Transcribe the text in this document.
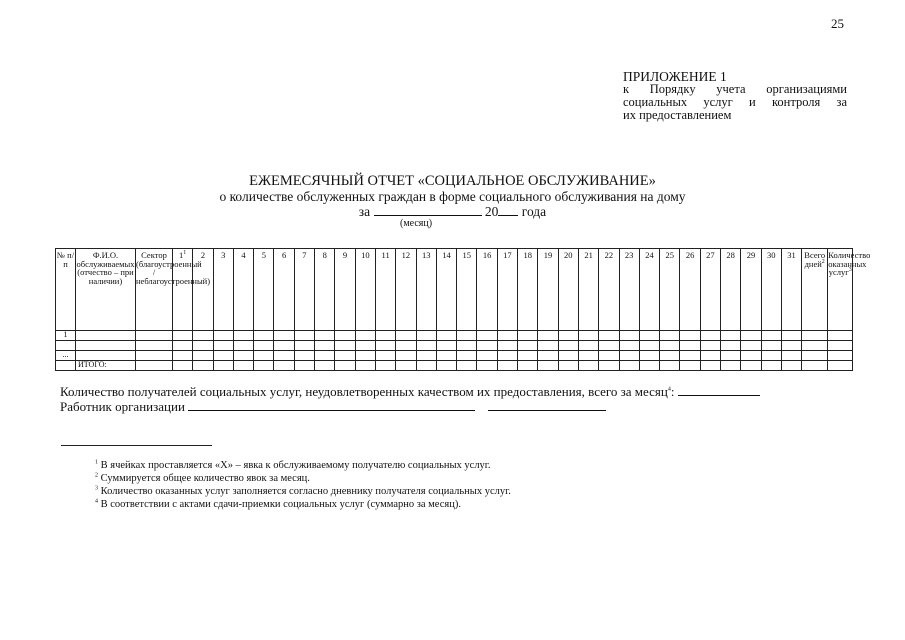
25
ПРИЛОЖЕНИЕ 1
к Порядку учета организациями
социальных услуг и контроля за
их предоставлением
ЕЖЕМЕСЯЧНЫЙ ОТЧЕТ «СОЦИАЛЬНОЕ ОБСЛУЖИВАНИЕ»
о количестве обслуженных граждан в форме социального обслуживания на дому
за	20 года
(месяц)
№ п/п	Ф.И.О. обслуживаемых (отчество – при наличии)	Сектор (благоустроенный / неблагоустроенный)	$1^1$	2	3	4	5	6	7	8	9	10	11	12	13	14	15	16	17	18	19	20	21	22	23	24	25	26	27	28	29	30	31	Всего дней$^2$	Количество оказанных услуг$^3$
1																																			

...																																			
	ИТОГО:																																		
Количество получателей социальных услуг, неудовлетворенных качеством их предоставления, всего за месяц$^4$:
Работник организации
$^1$ В ячейках проставляется «Х» – явка к обслуживаемому получателю социальных услуг.
$^2$ Суммируется общее количество явок за месяц.
$^3$ Количество оказанных услуг заполняется согласно дневнику получателя социальных услуг.
$^4$ В соответствии с актами сдачи-приемки социальных услуг (суммарно за месяц).
